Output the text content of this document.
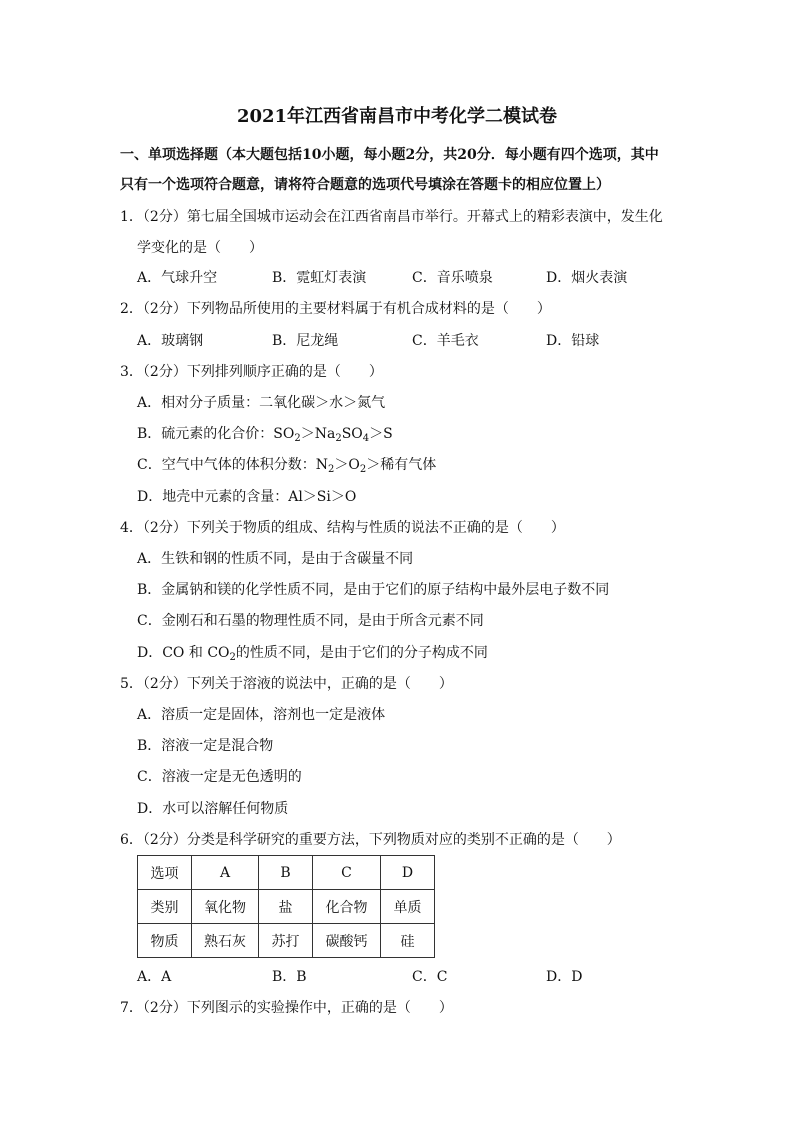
2021年江西省南昌市中考化学二模试卷
一、单项选择题（本大题包括10小题，每小题2分，共20分．每小题有四个选项，其中
只有一个选项符合题意，请将符合题意的选项代号填涂在答题卡的相应位置上）
1．（2分）第七届全国城市运动会在江西省南昌市举行。开幕式上的精彩表演中，发生化
学变化的是（　　）
A．气球升空	B．霓虹灯表演	C．音乐喷泉	D．烟火表演
2．（2分）下列物品所使用的主要材料属于有机合成材料的是（　　）
A．玻璃钢	B．尼龙绳	C．羊毛衣	D．铅球
3．（2分）下列排列顺序正确的是（　　）
A．相对分子质量：二氧化碳＞水＞氮气
B．硫元素的化合价：$SO_2>Na_2SO_4>S$
C．空气中气体的体积分数：$N_2>O_2>$稀有气体
D．地壳中元素的含量：Al＞Si＞O
4．（2分）下列关于物质的组成、结构与性质的说法不正确的是（　　）
A．生铁和钢的性质不同，是由于含碳量不同
B．金属钠和镁的化学性质不同，是由于它们的原子结构中最外层电子数不同
C．金刚石和石墨的物理性质不同，是由于所含元素不同
D．CO 和 $CO_2$的性质不同，是由于它们的分子构成不同
5．（2分）下列关于溶液的说法中，正确的是（　　）
A．溶质一定是固体，溶剂也一定是液体
B．溶液一定是混合物
C．溶液一定是无色透明的
D．水可以溶解任何物质
6．（2分）分类是科学研究的重要方法，下列物质对应的类别不正确的是（　　）
选项	A	B	C	D
类别	氧化物	盐	化合物	单质
物质	熟石灰	苏打	碳酸钙	硅
A．A	B．B	C．C	D．D
7．（2分）下列图示的实验操作中，正确的是（　　）
